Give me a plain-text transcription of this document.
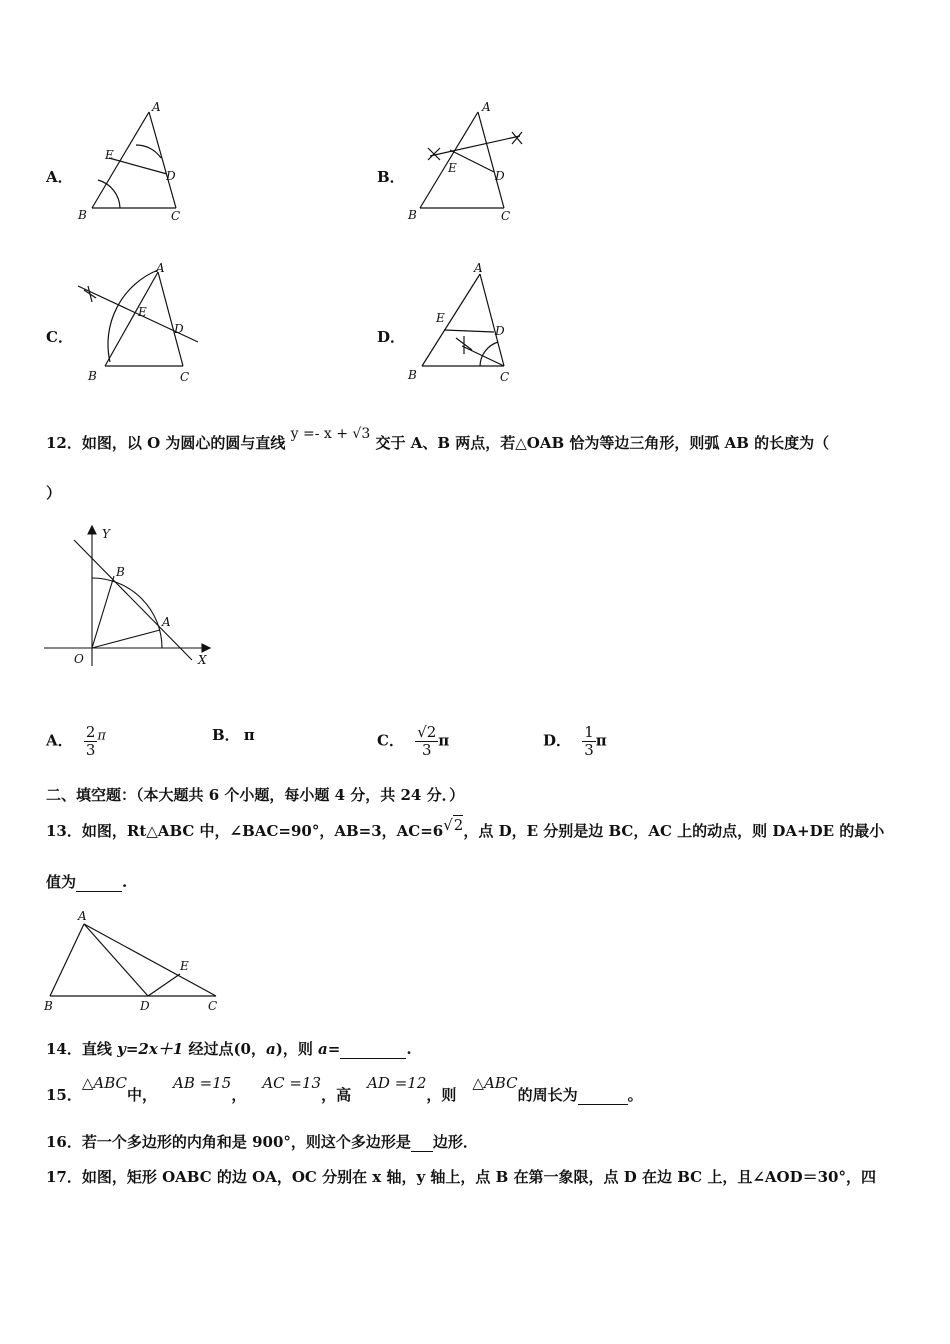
A．
A
B	C
D
E
B．
A
B	C
D
E
C．
A
B	C
D
E
D．
A
B	C
D
E
12．如图，以 O 为圆心的圆与直线 y =- x + √3 交于 A、B 两点，若△OAB 恰为等边三角形，则弧 AB 的长度为（
）
Y
X
O
A
B
A． $\frac{2}{3}$ π	B． π	C． $\frac{√2}{3}$ π	D． $\frac{1}{3}$ π
二、填空题：（本大题共 6 个小题，每小题 4 分，共 24 分．）
13．如图，Rt△ABC 中，∠BAC=90°，AB=3，AC=6√2，点 D，E 分别是边 BC，AC 上的动点，则 DA+DE 的最小
值为	.
A
B	C
D
E
14．直线 y=2x＋1 经过点(0，a)，则 a=	.
15．△ABC中，AB =15，AC =13，高AD =12，则△ABC的周长为	。
16．若一个多边形的内角和是 900°，则这个多边形是 边形．
17．如图，矩形 OABC 的边 OA，OC 分别在 x 轴，y 轴上，点 B 在第一象限，点 D 在边 BC 上，且∠AOD＝30°，四
